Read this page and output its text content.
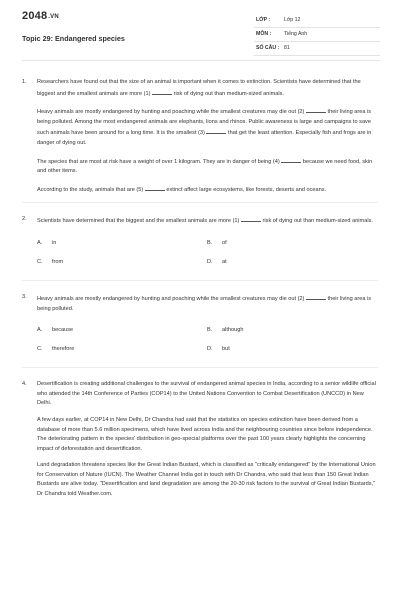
2048.VN
Topic 29: Endangered species
LỚP :	Lớp 12
MÔN :	Tiếng Anh
SỐ CÂU : 81
1. Researchers have found out that the size of an animal is important when it comes to extinction. Scientists have determined that the biggest and the smallest animals are more (1)	risk of dying out than medium-sized animals.

Heavy animals are mostly endangered by hunting and poaching while the smallest creatures may die out (2)	their living area is being polluted. Among the most endangered animals are elephants, lions and rhinos. Public awareness is large and campaigns to save such animals have been around for a long time. It is the smallest (3)	that get the least attention. Especially fish and frogs are in danger of dying out.

The species that are most at risk have a weight of over 1 kilogram. They are in danger of being (4)	because we need food, skin and other items.

According to the study, animals that are (5)	extinct affect large ecosystems, like forests, deserts and oceans.

2. Scientists have determined that the biggest and the smallest animals are more (1)	risk of dying out than medium-sized animals.

A. in	B. of
C. from	D. at
3. Heavy animals are mostly endangered by hunting and poaching while the smallest creatures may die out (2)	their living area is being polluted.

A. because	B. although
C. therefore	D. but
4. Desertification is creating additional challenges to the survival of endangered animal species in India, according to a senior wildlife official who attended the 14th Conference of Parties (COP14) to the United Nations Convention to Combat Desertification (UNCCD) in New Delhi.

A few days earlier, at COP14 in New Delhi, Dr Chandra had said that the statistics on species extinction have been derived from a database of more than 5.6 million specimens, which have lived across India and the neighbouring countries since before independence. The deteriorating pattern in the species' distribution in geo-special platforms over the past 100 years clearly highlights the concerning impact of deforestation and desertification.

Land degradation threatens species like the Great Indian Bustard, which is classified as "critically endangered" by the International Union for Conservation of Nature (IUCN). The Weather Channel India got in touch with Dr Chandra, who said that less than 150 Great Indian Bustards are alive today. "Desertification and land degradation are among the 20-30 risk factors to the survival of Great Indian Bustards," Dr Chandra told Weather.com.
